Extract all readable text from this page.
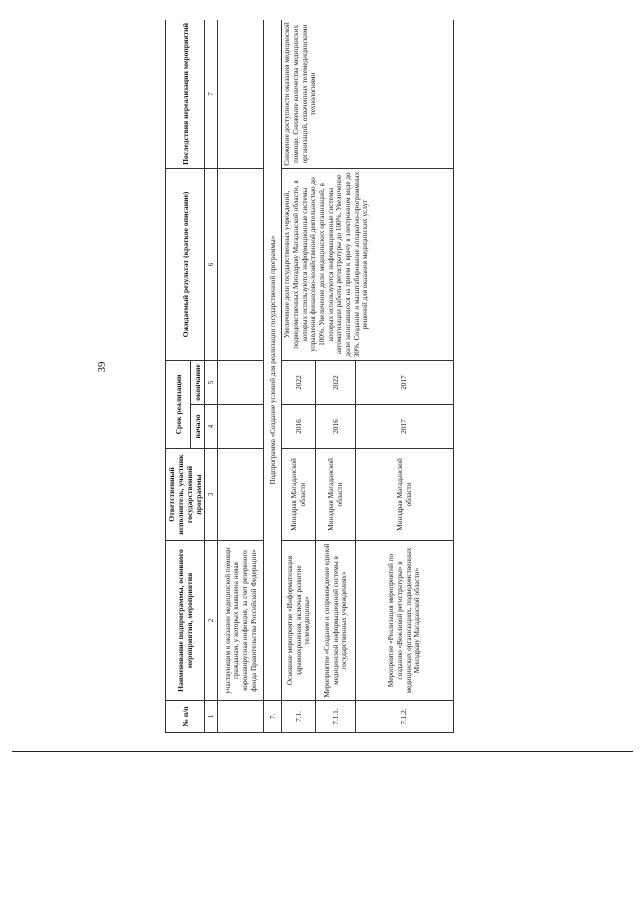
39
№ п/п	Наименование подпрограммы, основного мероприятия, мероприятия	Ответственный исполнитель, участник государственной программы	Срок реализации		Ожидаемый результат (краткое описание)	Последствия нереализации мероприятий
			начало	окончание		
1	2	3	4	5	6	7
	участвующим в оказании медицинской помощи гражданам, у которых выявлена новая коронавирусная инфекция, за счет резервного фонда Правительства Российской Федерации»					
7.	Подпрограмма «Создание условий для реализации государственной программы»					
7.1.	Основное мероприятие «Информатизация здравоохранения, включая развитие телемедицины»	Минздрав Магаданской области	2016	2022	Увеличение доли государственных учреждений, подведомственных Минздраву Магаданской области, в которых используются информационные системы управления финансово-хозяйственной деятельностью до 100%. Увеличение доли медицинских организаций, в которых используются информационные системы автоматизации работы регистратуры до 100%. Увеличение доли записавшихся на прием к врачу в электронном виде до 30%. Создание и масштабирование аппаратно-программных решений для оказания медицинских услуг	Снижение доступности оказания медицинской помощи. Снижение количества медицинских организаций, охваченных телемедицинскими технологиями
7.1.1.	Мероприятие «Создание и сопровождение единой медицинской информационной системы в государственных учреждениях»	Минздрав Магаданской области	2016	2022		
7.1.2.	Мероприятие «Реализация мероприятий по созданию «Вежливой регистратуры» в медицинских организациях, подведомственных Минздраву Магаданской области»	Минздрав Магаданской области	2017	2017		
